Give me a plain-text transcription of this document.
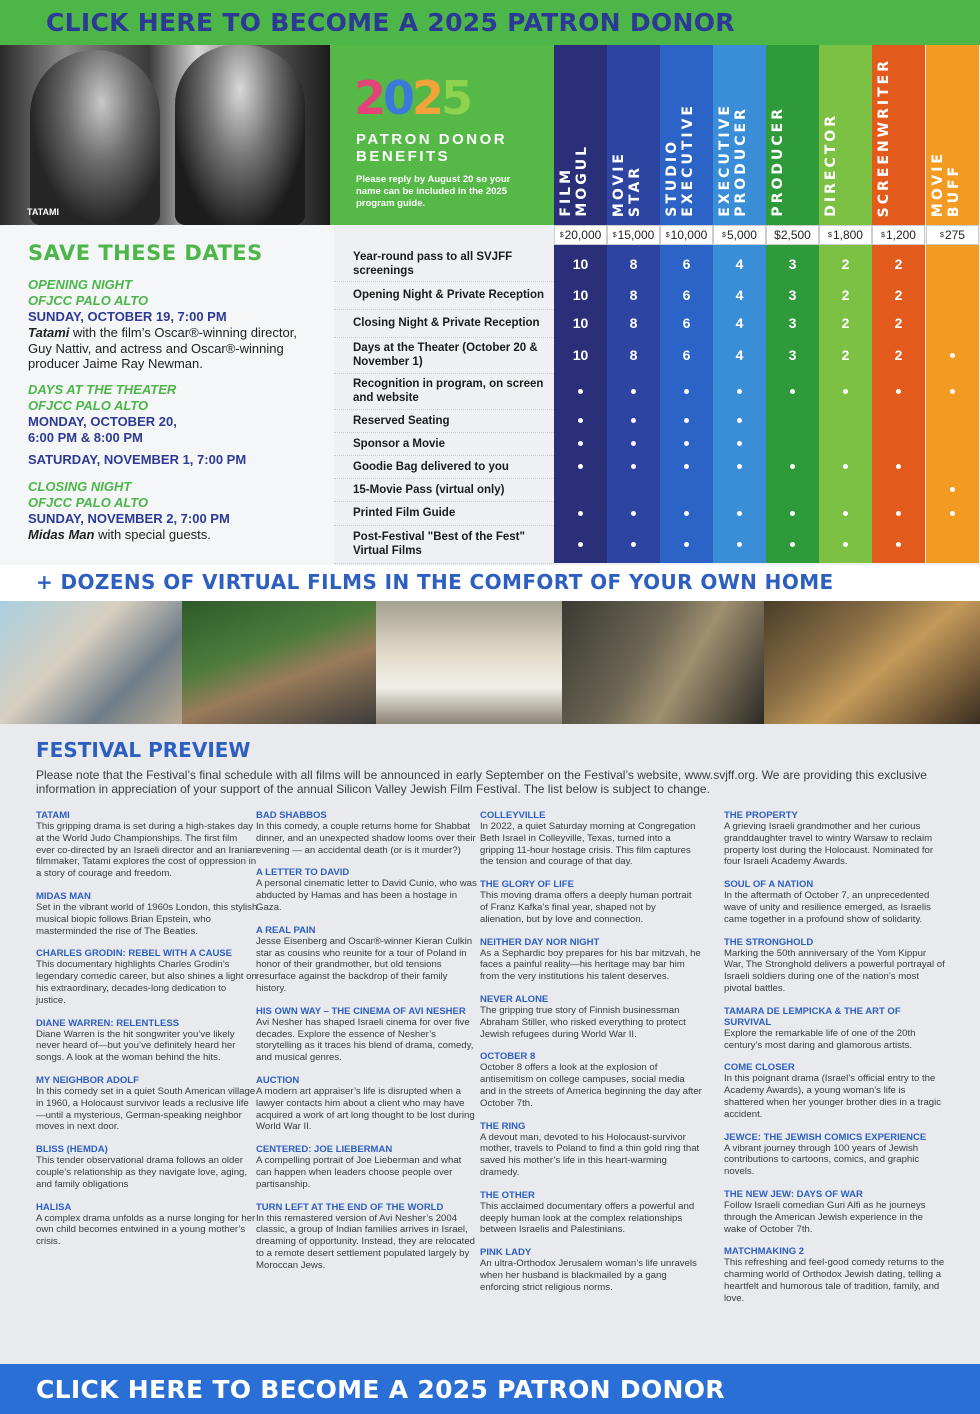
CLICK HERE TO BECOME A 2025 PATRON DONOR
TATAMI
2025
PATRON DONOR BENEFITS
Please reply by August 20 so your name can be included in the 2025 program guide.	FILM
MOGUL
$ 20,000
10
10
10
10
MOVIE
STAR
$ 15,000
8
8
8
8
STUDIO
EXECUTIVE
$ 10,000
6
6
6
6
EXECUTIVE
PRODUCER
$ 5,000
4
4
4
4
PRODUCER
$2,500
3
3
3
3
DIRECTOR
$ 1,800
2
2
2
2
SCREENWRITER
$ 1,200
2
2
2
2
MOVIE
BUFF
$ 275
SAVE THESE DATES
OPENING NIGHT
OFJCC PALO ALTO
SUNDAY, OCTOBER 19, 7:00 PM
Tatami with the film’s Oscar®-winning director, Guy Nattiv, and actress and Oscar®-winning producer Jaime Ray Newman.
DAYS AT THE THEATER
OFJCC PALO ALTO
MONDAY, OCTOBER 20,
6:00 PM & 8:00 PM
SATURDAY, NOVEMBER 1, 7:00 PM
CLOSING NIGHT
OFJCC PALO ALTO
SUNDAY, NOVEMBER 2, 7:00 PM
Midas Man with special guests.
Year-round pass to all SVJFF screenings
Opening Night & Private Reception
Closing Night & Private Reception
Days at the Theater (October 20 & November 1)
Recognition in program, on screen and website
Reserved Seating
Sponsor a Movie
Goodie Bag delivered to you
15-Movie Pass (virtual only)
Printed Film Guide
Post-Festival "Best of the Fest" Virtual Films
+ DOZENS OF VIRTUAL FILMS IN THE COMFORT OF YOUR OWN HOME
FESTIVAL PREVIEW
Please note that the Festival’s final schedule with all films will be announced in early September on the Festival’s website, www.svjff.org. We are providing this exclusive information in appreciation of your support of the annual Silicon Valley Jewish Film Festival. The list below is subject to change.
TATAMI
This gripping drama is set during a high-stakes day at the World Judo Championships. The first film ever co-directed by an Israeli director and an Iranian filmmaker, Tatami explores the cost of oppression in a story of courage and freedom.
MIDAS MAN
Set in the vibrant world of 1960s London, this stylish musical biopic follows Brian Epstein, who masterminded the rise of The Beatles.
CHARLES GRODIN: REBEL WITH A CAUSE
This documentary highlights Charles Grodin’s legendary comedic career, but also shines a light on his extraordinary, decades-long dedication to justice.
DIANE WARREN: RELENTLESS
Diane Warren is the hit songwriter you’ve likely never heard of—but you’ve definitely heard her songs. A look at the woman behind the hits.
MY NEIGHBOR ADOLF
In this comedy set in a quiet South American village in 1960, a Holocaust survivor leads a reclusive life—until a mysterious, German-speaking neighbor moves in next door.
BLISS (HEMDA)
This tender observational drama follows an older couple’s relationship as they navigate love, aging, and family obligations
HALISA
A complex drama unfolds as a nurse longing for her own child becomes entwined in a young mother’s crisis.
BAD SHABBOS
In this comedy, a couple returns home for Shabbat dinner, and an unexpected shadow looms over their evening — an accidental death (or is it murder?)
A LETTER TO DAVID
A personal cinematic letter to David Cunio, who was abducted by Hamas and has been a hostage in Gaza.
A REAL PAIN
Jesse Eisenberg and Oscar®-winner Kieran Culkin star as cousins who reunite for a tour of Poland in honor of their grandmother, but old tensions resurface against the backdrop of their family history.
HIS OWN WAY – THE CINEMA OF AVI NESHER
Avi Nesher has shaped Israeli cinema for over five decades. Explore the essence of Nesher’s storytelling as it traces his blend of drama, comedy, and musical genres.
AUCTION
A modern art appraiser’s life is disrupted when a lawyer contacts him about a client who may have acquired a work of art long thought to be lost during World War II.
CENTERED: JOE LIEBERMAN
A compelling portrait of Joe Lieberman and what can happen when leaders choose people over partisanship.
TURN LEFT AT THE END OF THE WORLD
In this remastered version of Avi Nesher’s 2004 classic, a group of Indian families arrives in Israel, dreaming of opportunity. Instead, they are relocated to a remote desert settlement populated largely by Moroccan Jews.
COLLEYVILLE
In 2022, a quiet Saturday morning at Congregation Beth Israel in Colleyville, Texas, turned into a gripping 11-hour hostage crisis. This film captures the tension and courage of that day.
THE GLORY OF LIFE
This moving drama offers a deeply human portrait of Franz Kafka’s final year, shaped not by alienation, but by love and connection.
NEITHER DAY NOR NIGHT
As a Sephardic boy prepares for his bar mitzvah, he faces a painful reality—his heritage may bar him from the very institutions his talent deserves.
NEVER ALONE
The gripping true story of Finnish businessman Abraham Stiller, who risked everything to protect Jewish refugees during World War II.
OCTOBER 8
October 8 offers a look at the explosion of antisemitism on college campuses, social media and in the streets of America beginning the day after October 7th.
THE RING
A devout man, devoted to his Holocaust-survivor mother, travels to Poland to find a thin gold ring that saved his mother’s life in this heart-warming dramedy.
THE OTHER
This acclaimed documentary offers a powerful and deeply human look at the complex relationships between Israelis and Palestinians.
PINK LADY
An ultra-Orthodox Jerusalem woman’s life unravels when her husband is blackmailed by a gang enforcing strict religious norms.
THE PROPERTY
A grieving Israeli grandmother and her curious granddaughter travel to wintry Warsaw to reclaim property lost during the Holocaust. Nominated for four Israeli Academy Awards.
SOUL OF A NATION
In the aftermath of October 7, an unprecedented wave of unity and resilience emerged, as Israelis came together in a profound show of solidarity.
THE STRONGHOLD
Marking the 50th anniversary of the Yom Kippur War, The Stronghold delivers a powerful portrayal of Israeli soldiers during one of the nation’s most pivotal battles.
TAMARA DE LEMPICKA & THE ART OF SURVIVAL
Explore the remarkable life of one of the 20th century’s most daring and glamorous artists.
COME CLOSER
In this poignant drama (Israel’s official entry to the Academy Awards), a young woman’s life is shattered when her younger brother dies in a tragic accident.
JEWCE: THE JEWISH COMICS EXPERIENCE
A vibrant journey through 100 years of Jewish contributions to cartoons, comics, and graphic novels.
THE NEW JEW: DAYS OF WAR
Follow Israeli comedian Guri Alfi as he journeys through the American Jewish experience in the wake of October 7th.
MATCHMAKING 2
This refreshing and feel-good comedy returns to the charming world of Orthodox Jewish dating, telling a heartfelt and humorous tale of tradition, family, and love.
CLICK HERE TO BECOME A 2025 PATRON DONOR
